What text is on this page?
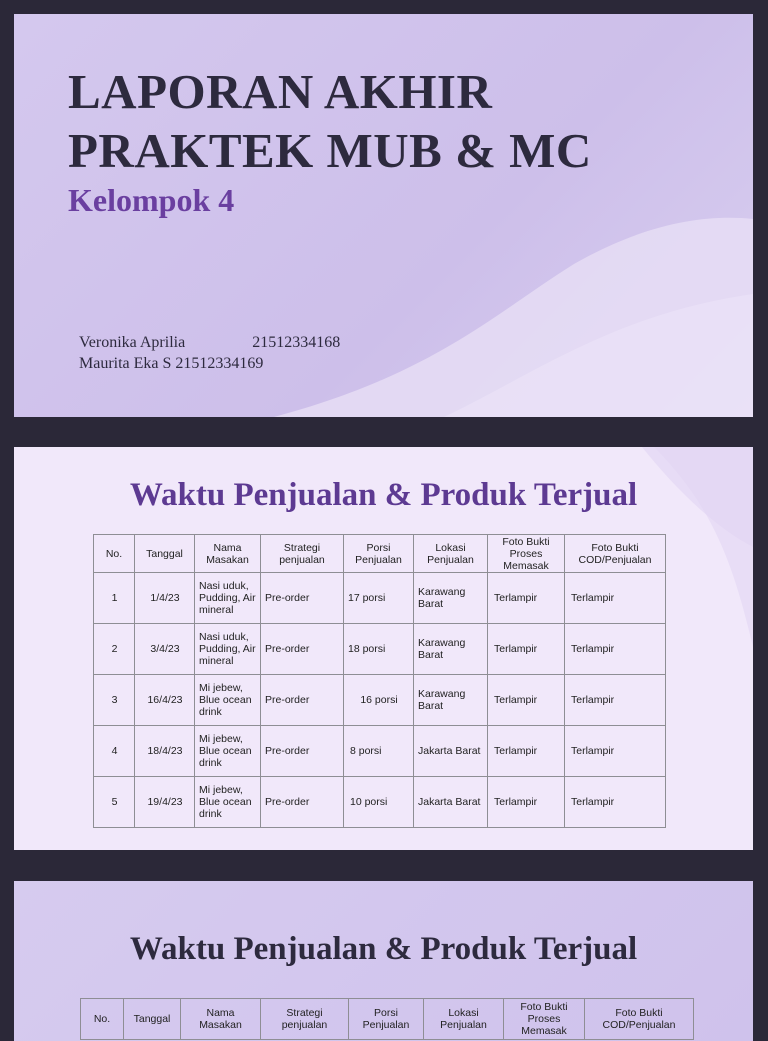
LAPORAN AKHIR
PRAKTEK MUB & MC
Kelompok 4
Veronika Aprilia	21512334168
Maurita Eka S 21512334169
Waktu Penjualan & Produk Terjual
No.	Tanggal	Nama Masakan	Strategi penjualan	Porsi Penjualan	Lokasi Penjualan	Foto Bukti Proses Memasak	Foto Bukti COD/Penjualan
1	1/4/23	Nasi uduk, Pudding, Air mineral	Pre-order	17 porsi	Karawang Barat	Terlampir	Terlampir
2	3/4/23	Nasi uduk, Pudding, Air mineral	Pre-order	18 porsi	Karawang Barat	Terlampir	Terlampir
3	16/4/23	Mi jebew, Blue ocean drink	Pre-order	16 porsi	Karawang Barat	Terlampir	Terlampir
4	18/4/23	Mi jebew, Blue ocean drink	Pre-order	8 porsi	Jakarta Barat	Terlampir	Terlampir
5	19/4/23	Mi jebew, Blue ocean drink	Pre-order	10 porsi	Jakarta Barat	Terlampir	Terlampir
Waktu Penjualan & Produk Terjual
No.	Tanggal	Nama Masakan	Strategi penjualan	Porsi Penjualan	Lokasi Penjualan	Foto Bukti Proses Memasak	Foto Bukti COD/Penjualan
